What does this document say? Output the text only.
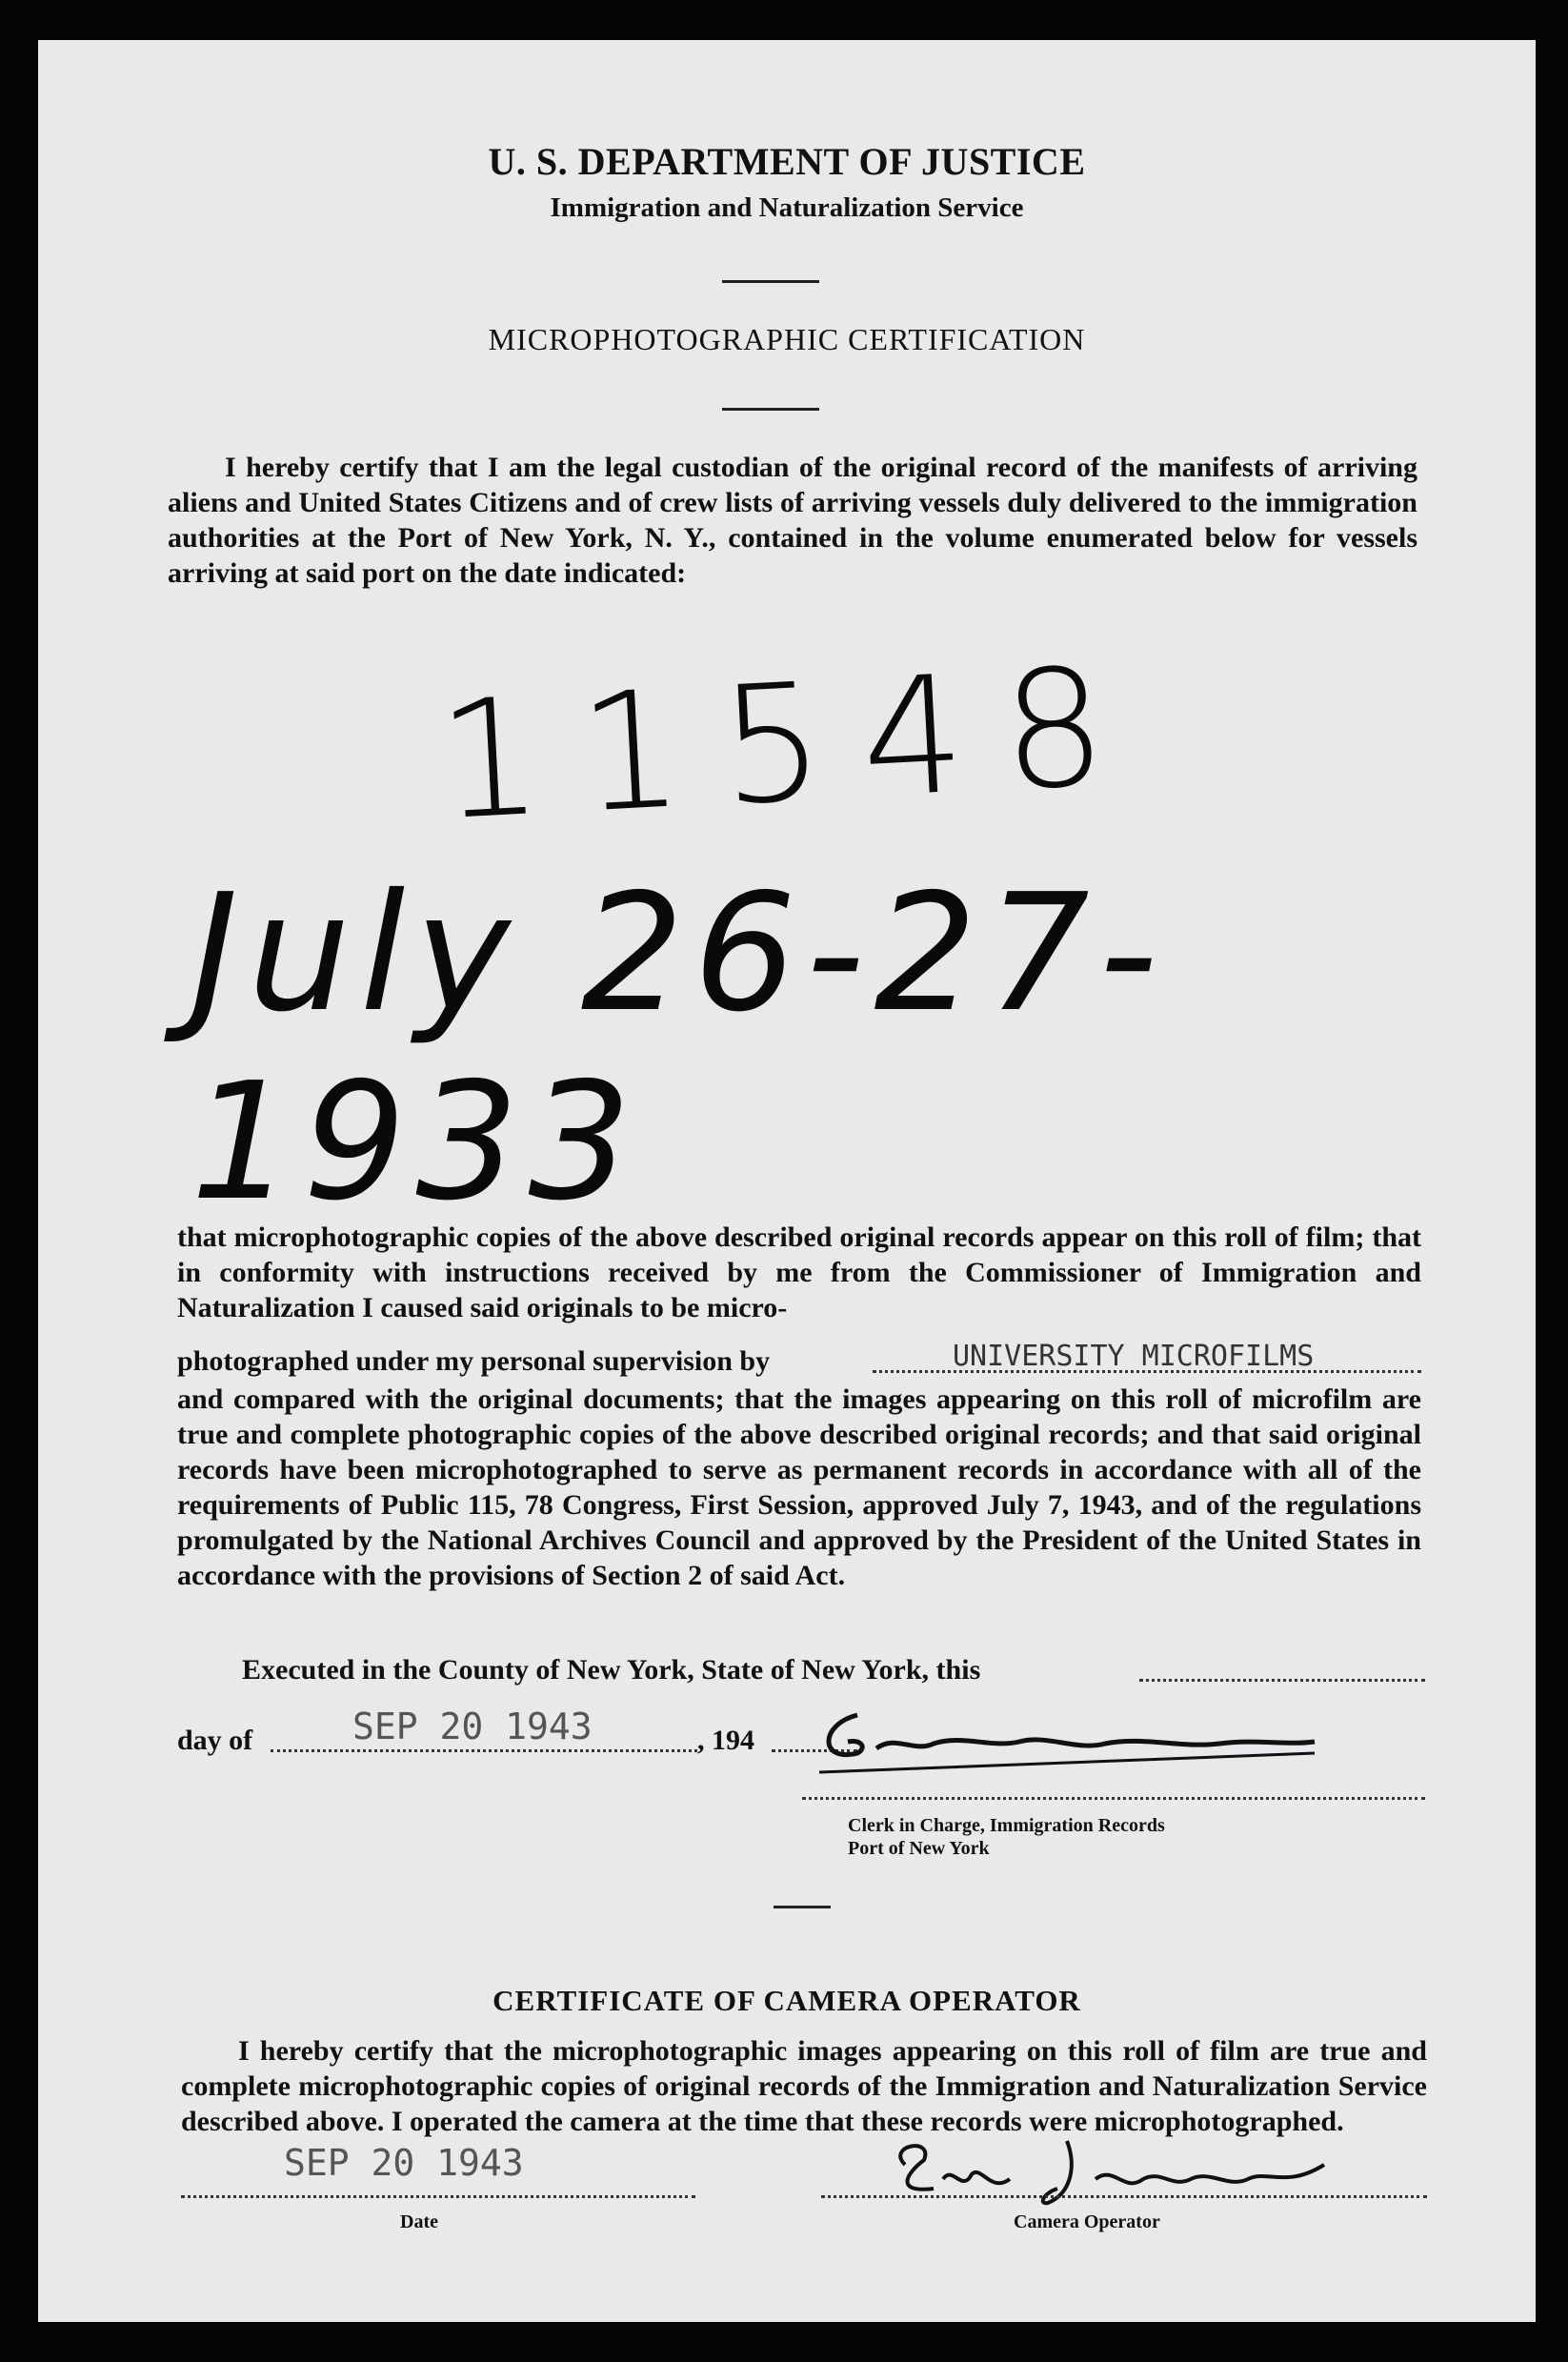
U. S. DEPARTMENT OF JUSTICE
Immigration and Naturalization Service
MICROPHOTOGRAPHIC CERTIFICATION

I hereby certify that I am the legal custodian of the original record of the manifests of arriving aliens and United States Citizens and of crew lists of arriving vessels duly delivered to the immigration authorities at the Port of New York, N. Y., contained in the volume enumerated below for vessels arriving at said port on the date indicated:

11548
July 26-27-1933

that microphotographic copies of the above described original records appear on this roll of film; that in conformity with instructions received by me from the Commissioner of Immigration and Naturalization I caused said originals to be micro-

photographed under my personal supervision by	UNIVERSITY MICROFILMS

and compared with the original documents; that the images appearing on this roll of microfilm are true and complete photographic copies of the above described original records; and that said original records have been microphotographed to serve as permanent records in accordance with all of the requirements of Public 115, 78 Congress, First Session, approved July 7, 1943, and of the regulations promulgated by the National Archives Council and approved by the President of the United States in accordance with the provisions of Section 2 of said Act.

Executed in the County of New York, State of New York, this
day of	SEP 20 1943	, 194
Clerk in Charge, Immigration Records
Port of New York
CERTIFICATE OF CAMERA OPERATOR

I hereby certify that the microphotographic images appearing on this roll of film are true and complete microphotographic copies of original records of the Immigration and Naturalization Service described above. I operated the camera at the time that these records were microphotographed.

SEP 20 1943
Date	Camera Operator
